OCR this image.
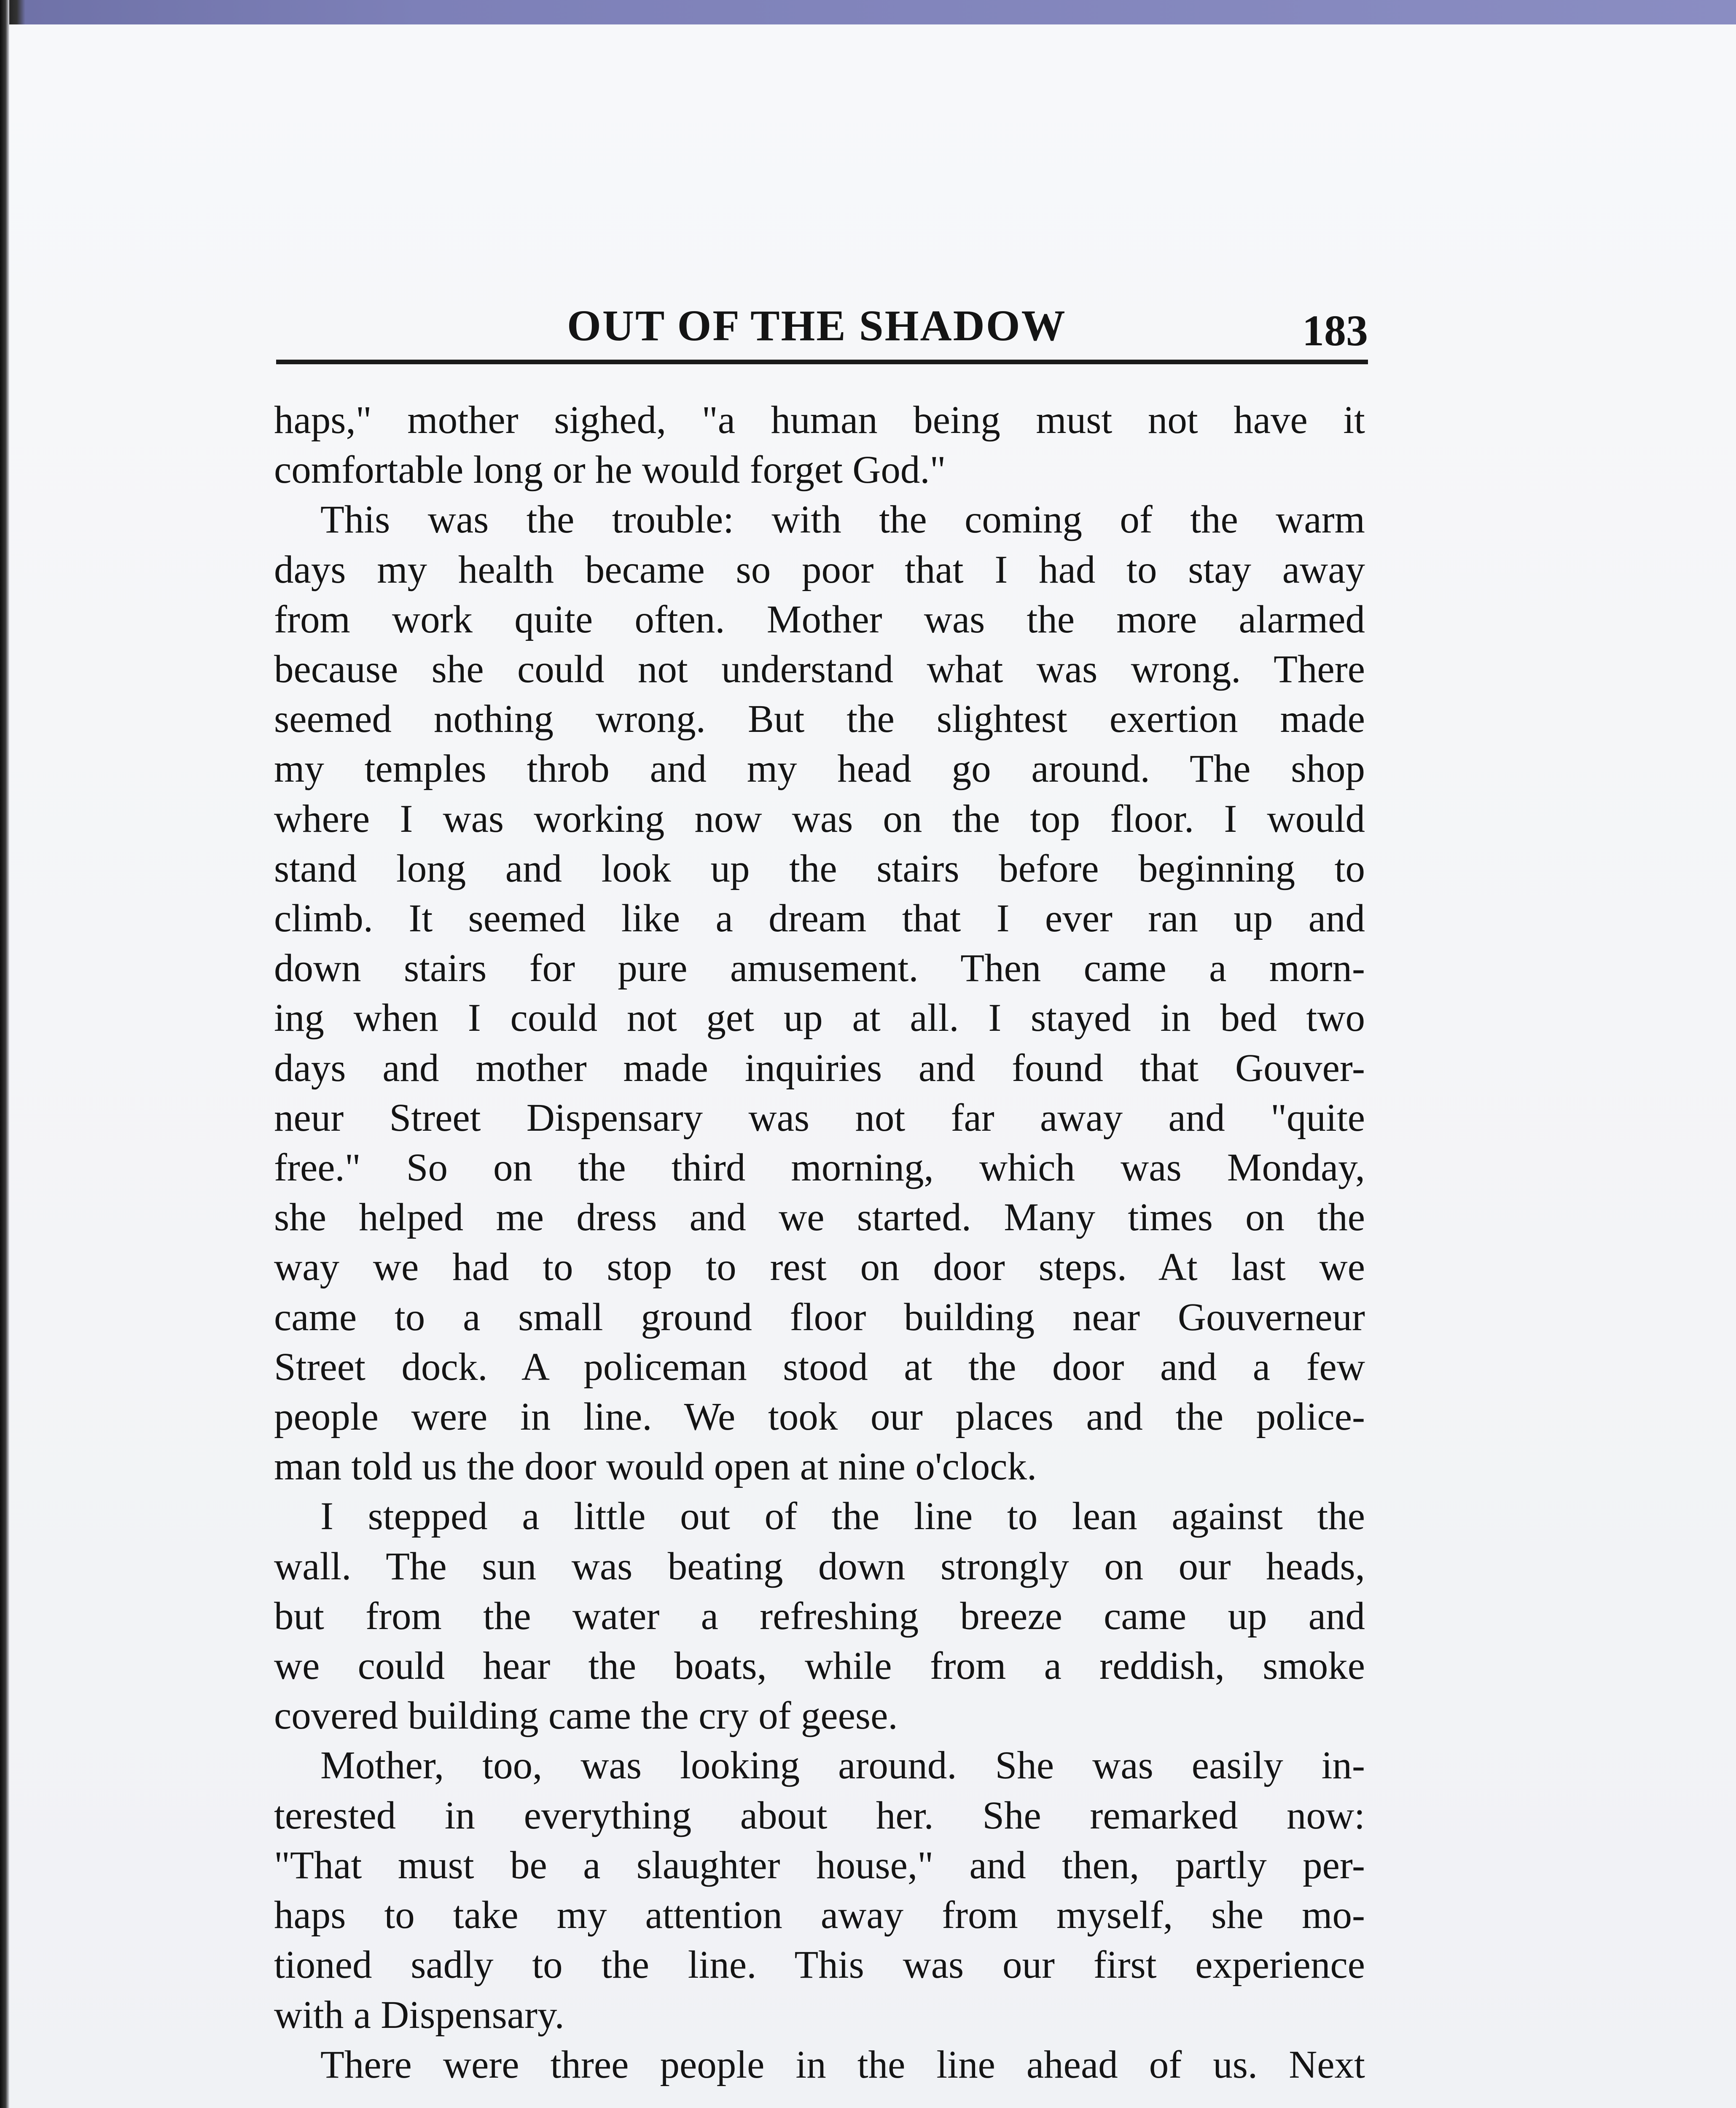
OUT OF THE SHADOW	183

haps," mother sighed, "a human being must not have it

comfortable long or he would forget God."

This was the trouble: with the coming of the warm

days my health became so poor that I had to stay away

from work quite often. Mother was the more alarmed

because she could not understand what was wrong. There

seemed nothing wrong. But the slightest exertion made

my temples throb and my head go around. The shop

where I was working now was on the top floor. I would

stand long and look up the stairs before beginning to

climb. It seemed like a dream that I ever ran up and

down stairs for pure amusement. Then came a morn-

ing when I could not get up at all. I stayed in bed two

days and mother made inquiries and found that Gouver-

neur Street Dispensary was not far away and "quite

free." So on the third morning, which was Monday,

she helped me dress and we started. Many times on the

way we had to stop to rest on door steps. At last we

came to a small ground floor building near Gouverneur

Street dock. A policeman stood at the door and a few

people were in line. We took our places and the police-

man told us the door would open at nine o'clock.

I stepped a little out of the line to lean against the

wall. The sun was beating down strongly on our heads,

but from the water a refreshing breeze came up and

we could hear the boats, while from a reddish, smoke

covered building came the cry of geese.

Mother, too, was looking around. She was easily in-

terested in everything about her. She remarked now:

"That must be a slaughter house," and then, partly per-

haps to take my attention away from myself, she mo-

tioned sadly to the line. This was our first experience

with a Dispensary.

There were three people in the line ahead of us. Next
